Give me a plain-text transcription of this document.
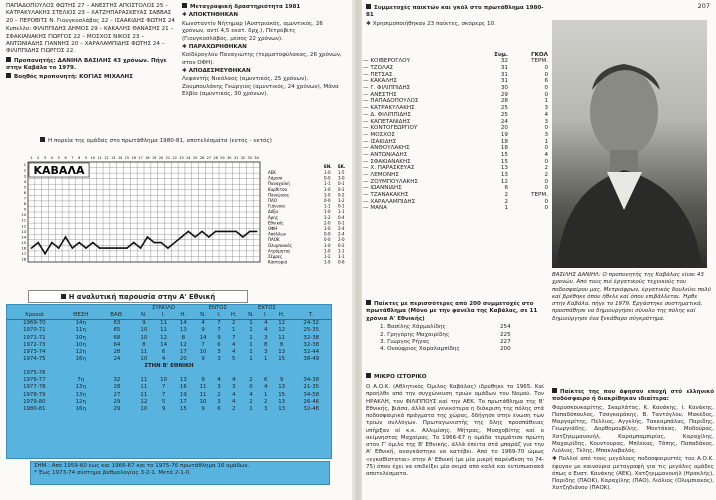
ΠΑΠΑΔΟΠΟΥΛΟΣ ΦΩΤΗΣ 27 – ΑΝΕΣΤΗΣ ΑΠΟΣΤΟΛΟΣ 25 – ΚΑΤΡΑΚΥΛΑΚΗΣ ΣΤΕΛΙΟΣ 23 – ΧΑΤΖΗΠΑΡΑΣΚΕΥΑΣ ΣΑΒΒΑΣ 20 – ΠΕΡΟΒΙΤΣ Ν. Γιουγκοσλάβος 22 – ΙΣΑΑΚΙΔΗΣ ΦΩΤΗΣ 24

Κυπελλο: ΦΙΛΙΠΠΙΔΗΣ ΔΗΜΟΣ 29 – ΚΑΚΑΛΗΣ ΘΑΝΑΣΗΣ 21 – ΣΦΑΚΙΑΝΑΚΗΣ ΓΙΩΡΓΟΣ 22 – ΜΟΣΧΟΣ ΝΙΚΟΣ 23 – ΑΝΤΩΝΙΑΔΗΣ ΓΙΑΝΝΗΣ 20 – ΧΑΡΑΛΑΜΠΙΔΗΣ ΦΩΤΗΣ 24 – ΦΙΛΙΠΠΙΔΗΣ ΓΙΩΡΓΟΣ 22.

Προπονητής: ΔΑΝΙΗΛ ΒΑΣΙΛΗΣ 43 χρόνων. Πήγε στην Καβάλα το 1979.

Βοηθός προπονητή: ΚΟΓΙΑΣ ΜΙΧΑΛΗΣ

Μεταγραφική δραστηριότητα 1981

✱ ΑΠΟΚΤΗΘΗΚΑΝ

Κωνσταντίν Νήτημαρ (Αυστριακός, αμυντικός, 26 χρόνων, αντί 4,5 εκατ. δρχ.), Πέτροβιτς (Γιουγκοσλάβος, μέσος 22 χρόνων).

✱ ΠΑΡΑΧΩΡΗΘΗΚΑΝ

Κοϊδέρογλου Παναγιώτης (τερματοφύλακας, 26 χρόνων, στον ΟΦΗ).

✱ ΑΠΟΔΕΣΜΕΥΘΗΚΑΝ

Λεφαντής Νικόλαος (αμυντικός, 25 χρόνων), Ζουμπουλάκης Γεώργιος (αμυντικός, 24 χρόνων), Μάνα Ελβίο (αμυντικός, 30 χρόνων).

Η πορεία της ομάδας στο πρωτάθλημα 1980-81, αποτελέσματα (εντός - εκτός)
1 2 3 4 5 6 7 8 9 10 11 12 13 14 15 16 17 18 19 20 21 22 23 24 25 26 27 28 29 30 31 32 33 34
1
2
3
4
5
6
7
8
9
10
11
12
13
14
15
16
17
18
ΚΑΒΑΛΑ	ΕΝ. ΕΚ.
ΑΕΚ	1-0 1-5
Λάρισα	0-0 3-0
Παναχαϊκή	1-1 0-1
Καρδίτσα	1-0 0-1
Πανιώνιος	1-0 0-2
ΠΑΟ	0-0 1-2
Γιάννινα	1-1 0-1
Δόξα	1-0 1-1
Άρης	1-2 0-4
Εθνικός	2-0 0-1
ΟΦΗ	1-0 2-4
Απόλλων	0-0 2-4
ΠΑΟΚ	0-0 2-0
Ολυμπιακός	1-0 0-2
Ατρόμητος	1-0 1-1
Σέρρες	1-2 1-1
Καστοριά	1-0 0-6
Η αναλυτική παρουσία στην Α' Εθνική
			ΣΥΝΟΛΟ			ΕΝΤΟΣ			ΕΚΤΟΣ			
Χρονιά	ΘΕΣΗ	ΒΑΘ.	Ν.	Ι.	Η.	Ν.	Ι.	Η.	Ν.	Ι.	Η.	Τ.
1969-70	14η	63	9	11	14	4	7	2	1	4	12	24-32
1970-71	11η	65	10	11	13	9	7	1	1	4	12	25-35
1971-72	10η	68	10	12	8	14	9	7	1	3	11	32-38
1972-73	10η	64	8	14	12	7	6	4	1	8	8	32-38
1973-74	12η	28	11	6	17	10	3	4	1	3	13	32-44
1974-75	16η	24	10	4	20	9	3	5	1	1	15	38-49
ΣΤΗΝ Β' ΕΘΝΙΚΗ												
1975-76												
1976-77	7η	32	11	10	13	9	4	4	2	6	9	34-38
1977-78	13η	28	11	7	16	11	3	3	0	4	13	21-35
1978-79	13η	27	11	7	19	11	2	4	4	1	15	34-58
1979-80	12η	29	12	5	17	10	3	4	2	2	13	26-46
1980-81	16η	29	10	9	15	9	6	2	1	3	13	32-48
ΣΗΜ.: Από 1959-60 έως και 1966-67 και το 1975-76 πρωτάθλημα 16 ομάδων.
* Έως 1973-74 σύστημα βαθμολογίας 3-2-1. Μετά 2-1-0.
207

Συμμετοχές παικτών και γκόλ στο πρωτάθλημα 1980-81

✱ Χρησιμοποιήθηκαν 23 παίκτες, σκόρερς 10.

Συμ.	ΓΚΟΛ
— ΚΟΪΒΕΡΟΓΛΟΥ	32	ΤΕΡΜ.
— ΤΖΟΛΑΣ	31	0
— ΠΕΤΣΑΣ	31	0
— ΚΑΚΑΛΗΣ	31	6
— Γ. ΦΙΛΙΠΠΙΔΗΣ	30	0
— ΑΝΕΣΤΗΣ	29	0
— ΠΑΠΑΔΟΠΟΥΛΟΣ	28	1
— ΚΑΤΡΑΚΥΛΑΚΗΣ	25	3
— Δ. ΦΙΛΙΠΠΙΔΗΣ	25	4
— ΚΑΠΕΤΑΝΙΔΗΣ	24	3
— ΚΟΝΤΟΓΕΩΡΓΙΟΥ	20	0
— ΜΟΣΧΟΣ	19	3
— ΙΣΑΚΙΔΗΣ	18	1
— ΑΝΘΟΥΛΑΚΗΣ	18	0
— ΑΝΤΩΝΙΑΔΗΣ	15	4
— ΣΦΑΚΙΑΝΑΚΗΣ	15	0
— Χ. ΠΑΡΑΣΚΕΥΑΣ	13	2
— ΛΕΜΟΝΗΣ	13	2
— ΖΟΥΜΠΟΥΛΑΚΗΣ	12	0
— ΙΩΑΝΝΙΔΗΣ	6	0
— ΤΖΑΝΑΚΑΚΗΣ	2	ΤΕΡΜ.
— ΧΑΡΑΛΑΜΠΙΔΗΣ	2	0
— ΜΑΝΑ	1	0
ΒΑΣΙΛΗΣ ΔΑΝΙΗΛ: Ο προπονητής της Καβάλας είναι 43 χρονών. Από τους πιό έργατικούς τεχνικούς του ποδοσφαίρου μας. Μετριόφρων, έργατικός δουλεύει πολύ καί βρέθηκε όπου ήθελε καί όπου επιβάλλεται. Ήρθε στην Καβάλα, πήγε το 1979. Εργάστηκε συστηματικά, προσπάθησε να δημιουργήσει σύνολο της πόλης καί δημιούργησε ένα ξεκάθαρο σύγκρότημα.

Παίκτες με περισσότερες από 200 συμμετοχές στο πρωτάθλημα (Μόνο με την φανέλα της Καβάλας, σε 11 χρόνια Α' Εθνικής)

1. Βασίλης Χάρμαλίδης	254
2. Γρηγόρης Μαχαιρίδης	225
3. Γιώργος Ρήγας	227
4. Ονούφριος Χαραλαμπίδης	200
ΜΙΚΡΟ ΙΣΤΟΡΙΚΟ
Ο Α.Ο.Κ. (Αθλητικός Όμιλος Καβάλας) ιδρύθηκε το 1965. Καί προήλθε από την συγχώνευση τριών ομάδων του Νομού. Τον ΗΡΑΚΛΗ, τον ΦΙΛΙΠΠΟΥΣ καί την ΑΕΚ. Το πρωτάθλημα της Β' Εθνικής, βιάσα, άλλά καί γενικότερα η διάκριση της πόλης στά ποδοσφαιρικά πράγματα της χώρας, δδήγησε στην ένωση των τριών συλλόγων. Πρωταγωνιστής της δλης προσπάθειας υπήρξαν οί κ.κ. Αλλιμίσης, Μήτρας, Μοσχοβίτης καί ο αείμνηστος Μαχαίρας. Το 1966-67 η ομάδα τερμάτισε πρώτη στον Γ' όμιλο της Β' Εθνικής, άλλά έπειτα στά μπαράζ για την Α' Εθνική, αναγκάστηκε να κατέβει. Από το 1969-70 ώμως «εγκαθίσταται» στην Α' Εθνική (με μία μικρή παρένθεση το 74-75) όπου έχει να επιδείξει μία σειρά από καλά και εντυπωσιακά αποτελέσματα.

Παίκτες της που άφησαν εποχή στό ελληνικό ποδόσφαιρο ή διακρίθηκαν ιδιαίτερα:

Φαροσκουκαρίτης, Σκαρλάτος, Κ. Κανάκης, Ι. Κανάκης, Παπαδόπουλος, Τσαγκαράκης, Β. Ταντόγλου, Μακέδος, Μαργαρίτης, Πέλλιος, Αγγελής, Τακκαμπάλας, Παριδης, Γεωργιάδης, Δορθομουβίλης, Μοντάκας, Μοδούρας, Χατζηεμμανουήλ, Καραμπαμπιρίας, Καραχίλης, Μαχαιρίδης, Κουντουρας, Μπλέκας, Τάπης, Παπαδάκος, Λιόλιος, Τέλης, Μπακλαβαλός.

✱ Πολλοί από τους μεγάλους ποδοσφαιριστές του Α.Ο.Κ. έφυγαν με καινούρια μεταγραφή για τις μεγάλες ομάδες όπως ο Ευστ. Κανάκης (ΑΕΚ), Χατζηεμμανουήλ (Ηρακλής), Παριδης (ΠΑΟΚ), Καραχίλης (ΠΑΟ), Λιόλιος (Ολυμπιακός), Χατζηδιάνου (ΠΑΟΚ).
